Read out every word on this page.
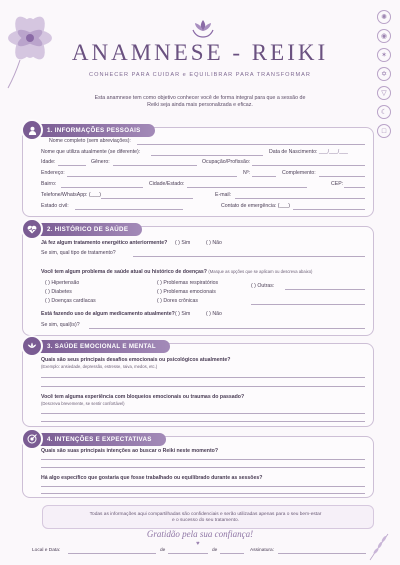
✺
◉
✶
✡
▽
☾
□
ANAMNESE - REIKI
CONHECER PARA CUIDAR e EQUILIBRAR PARA TRANSFORMAR
Esta anamnese tem como objetivo conhecer você de forma integral para que a sessão de Reiki seja ainda mais personalizada e eficaz.
1. INFORMAÇÕES PESSOAIS
Nome completo (sem abreviações):
Nome que utiliza atualmente (se diferente):	Data de Nascimento: ___/___/___
Idade:	Gênero:	Ocupação/Profissão:
Endereço:	Nº:	Complemento:
Bairro:	Cidade/Estado:	CEP:
Telefone/WhatsApp: (___)	E-mail:
Estado civil:	Contato de emergência: (___)
2. HISTÓRICO DE SAÚDE
Já fez algum tratamento energético anteriormente? ( ) Sim	( ) Não
Se sim, qual tipo de tratamento?
Você tem algum problema de saúde atual ou histórico de doenças? (Marque as opções que se aplicam ou descreva abaixo)
( ) Hipertensão	( ) Problemas respiratórios	( ) Outras:
( ) Diabetes	( ) Problemas emocionais
( ) Doenças cardíacas	( ) Dores crônicas
Está fazendo uso de algum medicamento atualmente? ( ) Sim	( ) Não
Se sim, qual(is)?
3. SAÚDE EMOCIONAL E MENTAL
Quais são seus principais desafios emocionais ou psicológicos atualmente?
(Exemplo: ansiedade, depressão, estresse, raiva, medos, etc.)
Você tem alguma experiência com bloqueios emocionais ou traumas do passado?
(Descreva brevemente, se sentir confortável)
4. INTENÇÕES E EXPECTATIVAS
Quais são suas principais intenções ao buscar o Reiki neste momento?
Há algo específico que gostaria que fosse trabalhado ou equilibrado durante as sessões?
Todas as informações aqui compartilhadas são confidenciais e serão utilizadas apenas para o seu bem-estar e o sucesso do seu tratamento.
Gratidão pela sua confiança!
♥
Local e Data:	de	de	Assinatura:
